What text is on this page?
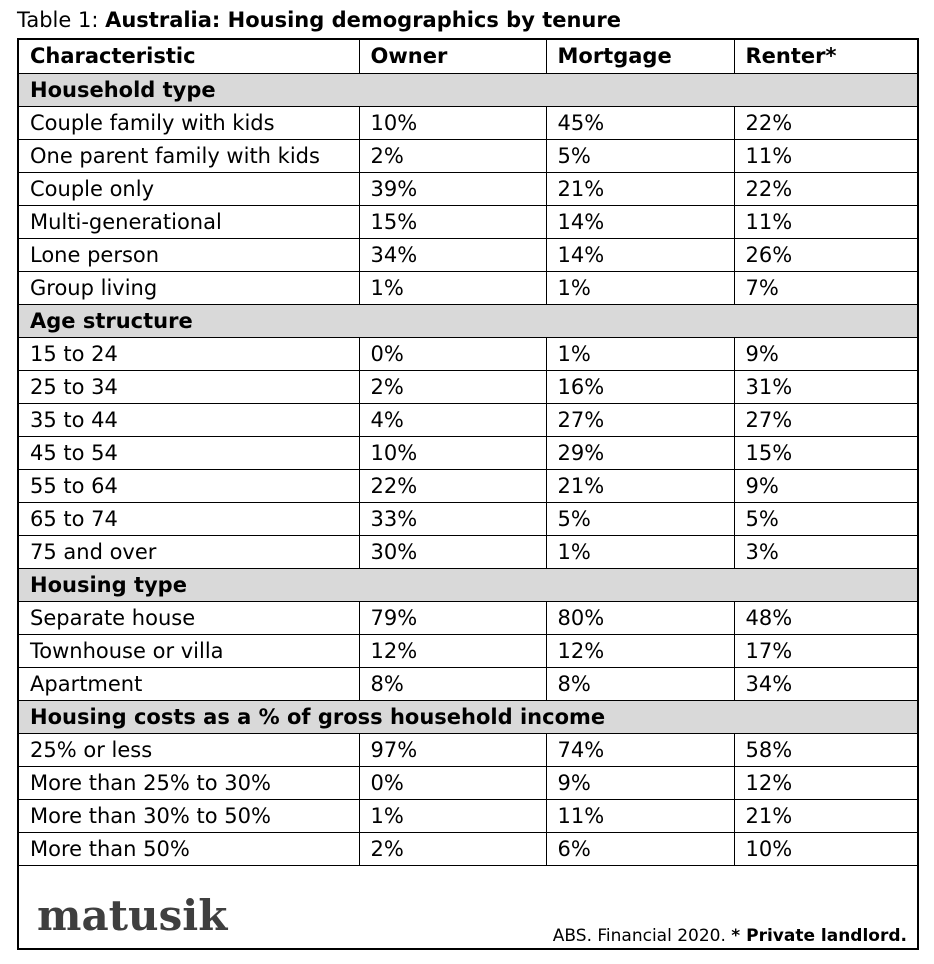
Table 1: Australia: Housing demographics by tenure
Characteristic	Owner	Mortgage	Renter*
Household type			
Couple family with kids	10%	45%	22%
One parent family with kids	2%	5%	11%
Couple only	39%	21%	22%
Multi-generational	15%	14%	11%
Lone person	34%	14%	26%
Group living	1%	1%	7%
Age structure			
15 to 24	0%	1%	9%
25 to 34	2%	16%	31%
35 to 44	4%	27%	27%
45 to 54	10%	29%	15%
55 to 64	22%	21%	9%
65 to 74	33%	5%	5%
75 and over	30%	1%	3%
Housing type			
Separate house	79%	80%	48%
Townhouse or villa	12%	12%	17%
Apartment	8%	8%	34%
Housing costs as a % of gross household income			
25% or less	97%	74%	58%
More than 25% to 30%	0%	9%	12%
More than 30% to 50%	1%	11%	21%
More than 50%	2%	6%	10%
matusik	ABS. Financial 2020. * Private landlord.
